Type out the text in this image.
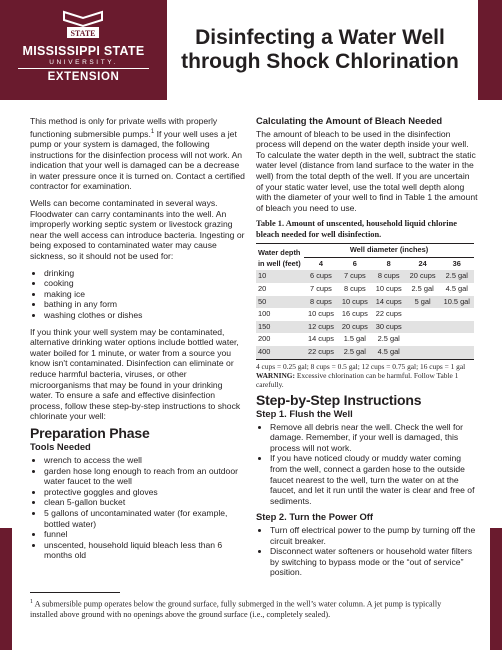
STATE
MISSISSIPPI STATE
UNIVERSITY.
EXTENSION
Disinfecting a Water Well through Shock Chlorination

This method is only for private wells with properly functioning submersible pumps.$^1$ If your well uses a jet pump or your system is damaged, the following instructions for the disinfection process will not work. An indication that your well is damaged can be a decrease in water pressure once it is turned on. Contact a certified contractor for examination.

Wells can become contaminated in several ways. Floodwater can carry contaminants into the well. An improperly working septic system or livestock grazing near the well access can introduce bacteria. Ingesting or being exposed to contaminated water may cause sickness, so it should not be used for:

• drinking
• cooking
• making ice
• bathing in any form
• washing clothes or dishes

If you think your well system may be contaminated, alternative drinking water options include bottled water, water boiled for 1 minute, or water from a source you know isn't contaminated. Disinfection can eliminate or reduce harmful bacteria, viruses, or other microorganisms that may be found in your drinking water. To ensure a safe and effective disinfection process, follow these step-by-step instructions to shock chlorinate your well:

Preparation Phase
Tools Needed
• wrench to access the well
• garden hose long enough to reach from an outdoor water faucet to the well
• protective goggles and gloves
• clean 5-gallon bucket
• 5 gallons of uncontaminated water (for example, bottled water)
• funnel
• unscented, household liquid bleach less than 6 months old
Calculating the Amount of Bleach Needed

The amount of bleach to be used in the disinfection process will depend on the water depth inside your well. To calculate the water depth in the well, subtract the static water level (distance from land surface to the water in the well) from the total depth of the well. If you are uncertain of your static water level, use the total well depth along with the diameter of your well to find in Table 1 the amount of bleach you need to use.

Table 1. Amount of unscented, household liquid chlorine bleach needed for well disinfection.
Water depth in well (feet)	Well diameter (inches)				
	4	6	8	24	36
10	6 cups	7 cups	8 cups	20 cups	2.5 gal
20	7 cups	8 cups	10 cups	2.5 gal	4.5 gal
50	8 cups	10 cups	14 cups	5 gal	10.5 gal
100	10 cups	16 cups	22 cups		
150	12 cups	20 cups	30 cups		
200	14 cups	1.5 gal	2.5 gal		
400	22 cups	2.5 gal	4.5 gal		
4 cups = 0.25 gal; 8 cups = 0.5 gal; 12 cups = 0.75 gal; 16 cups = 1 gal
WARNING: Excessive chlorination can be harmful. Follow Table 1 carefully.
Step-by-Step Instructions
Step 1. Flush the Well
• Remove all debris near the well. Check the well for damage. Remember, if your well is damaged, this process will not work.
• If you have noticed cloudy or muddy water coming from the well, connect a garden hose to the outside faucet nearest to the well, turn the water on at the faucet, and let it run until the water is clear and free of sediments.
Step 2. Turn the Power Off
• Turn off electrical power to the pump by turning off the circuit breaker.
• Disconnect water softeners or household water filters by switching to bypass mode or the “out of service” position.
$^1$ A submersible pump operates below the ground surface, fully submerged in the well’s water column. A jet pump is typically installed above ground with no openings above the ground surface (i.e., completely sealed).
